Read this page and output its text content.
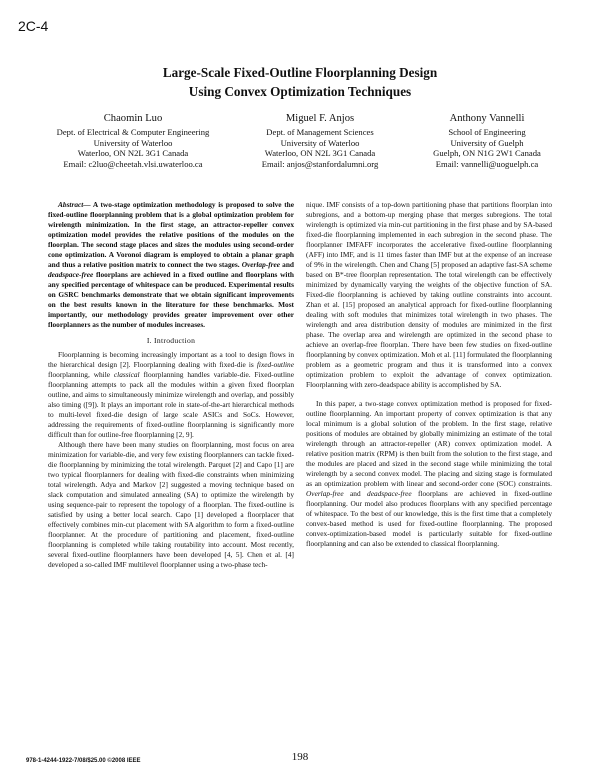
2C-4
Large-Scale Fixed-Outline Floorplanning Design
Using Convex Optimization Techniques
Chaomin Luo
Dept. of Electrical & Computer Engineering
University of Waterloo
Waterloo, ON N2L 3G1 Canada
Email: c2luo@cheetah.vlsi.uwaterloo.ca
Miguel F. Anjos
Dept. of Management Sciences
University of Waterloo
Waterloo, ON N2L 3G1 Canada
Email: anjos@stanfordalumni.org
Anthony Vannelli
School of Engineering
University of Guelph
Guelph, ON N1G 2W1 Canada
Email: vannelli@uoguelph.ca

Abstract— A two-stage optimization methodology is proposed to solve the fixed-outline floorplanning problem that is a global optimization problem for wirelength minimization. In the first stage, an attractor-repeller convex optimization model provides the relative positions of the modules on the floorplan. The second stage places and sizes the modules using second-order cone optimization. A Voronoi diagram is employed to obtain a planar graph and thus a relative position matrix to connect the two stages. Overlap-free and deadspace-free floorplans are achieved in a fixed outline and floorplans with any specified percentage of whitespace can be produced. Experimental results on GSRC benchmarks demonstrate that we obtain significant improvements on the best results known in the literature for these benchmarks. Most importantly, our methodology provides greater improvement over other floorplanners as the number of modules increases.

I. Introduction

Floorplanning is becoming increasingly important as a tool to design flows in the hierarchical design [2]. Floorplanning dealing with fixed-die is fixed-outline floorplanning, while classical floorplanning handles variable-die. Fixed-outline floorplanning attempts to pack all the modules within a given fixed floorplan outline, and aims to simultaneously minimize wirelength and overlap, and possibly also timing ([9]). It plays an important role in state-of-the-art hierarchical methods to multi-level fixed-die design of large scale ASICs and SoCs. However, addressing the requirements of fixed-outline floorplanning is significantly more difficult than for outline-free floorplanning [2, 9].

Although there have been many studies on floorplanning, most focus on area minimization for variable-die, and very few existing floorplanners can tackle fixed-die floorplanning by minimizing the total wirelength. Parquet [2] and Capo [1] are two typical floorplanners for dealing with fixed-die constraints when minimizing total wirelength. Adya and Markov [2] suggested a moving technique based on slack computation and simulated annealing (SA) to optimize the wirelength by using sequence-pair to represent the topology of a floorplan. The fixed-outline is satisfied by using a better local search. Capo [1] developed a floorplacer that effectively combines min-cut placement with SA algorithm to form a fixed-outline floorplanner. At the procedure of partitioning and placement, fixed-outline floorplanning is completed while taking routability into account. Most recently, several fixed-outline floorplanners have been developed [4, 5]. Chen et al. [4] developed a so-called IMF multilevel floorplanner using a two-phase tech-

nique. IMF consists of a top-down partitioning phase that partitions floorplan into subregions, and a bottom-up merging phase that merges subregions. The total wirelength is optimized via min-cut partitioning in the first phase and by SA-based fixed-die floorplanning implemented in each subregion in the second phase. The floorplanner IMFAFF incorporates the accelerative fixed-outline floorplanning (AFF) into IMF, and is 11 times faster than IMF but at the expense of an increase of 9% in the wirelength. Chen and Chang [5] proposed an adaptive fast-SA scheme based on B*-tree floorplan representation. The total wirelength can be effectively minimized by dynamically varying the weights of the objective function of SA. Fixed-die floorplanning is achieved by taking outline constraints into account. Zhan et al. [15] proposed an analytical approach for fixed-outline floorplanning dealing with soft modules that minimizes total wirelength in two phases. The wirelength and area distribution density of modules are minimized in the first phase. The overlap area and wirelength are optimized in the second phase to achieve an overlap-free floorplan. There have been few studies on fixed-outline floorplanning by convex optimization. Moh et al. [11] formulated the floorplanning problem as a geometric program and thus it is transformed into a convex optimization problem to exploit the advantage of convex optimization. Floorplanning with zero-deadspace ability is accomplished by SA.

In this paper, a two-stage convex optimization method is proposed for fixed-outline floorplanning. An important property of convex optimization is that any local minimum is a global solution of the problem. In the first stage, relative positions of modules are obtained by globally minimizing an estimate of the total wirelength through an attractor-repeller (AR) convex optimization model. A relative position matrix (RPM) is then built from the solution to the first stage, and the modules are placed and sized in the second stage while minimizing the total wirelength by a second convex model. The placing and sizing stage is formulated as an optimization problem with linear and second-order cone (SOC) constraints. Overlap-free and deadspace-free floorplans are achieved in fixed-outline floorplanning. Our model also produces floorplans with any specified percentage of whitespace. To the best of our knowledge, this is the first time that a completely convex-based method is used for fixed-outline floorplanning. The proposed convex-optimization-based model is particularly suitable for fixed-outline floorplanning and can also be extended to classical floorplanning.

978-1-4244-1922-7/08/$25.00 ©2008 IEEE	198
